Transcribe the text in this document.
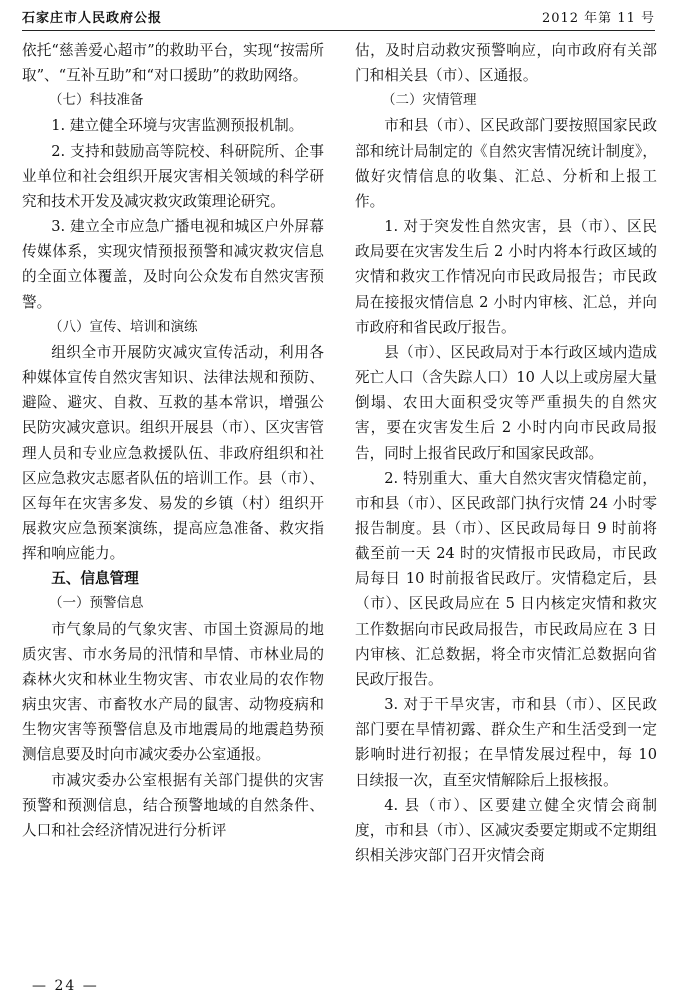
石家庄市人民政府公报	2012 年第 11 号

依托“慈善爱心超市”的救助平台，实现“按需所取”、“互补互助”和“对口援助”的救助网络。

（七）科技准备

1. 建立健全环境与灾害监测预报机制。

2. 支持和鼓励高等院校、科研院所、企事业单位和社会组织开展灾害相关领域的科学研究和技术开发及减灾救灾政策理论研究。

3. 建立全市应急广播电视和城区户外屏幕传媒体系，实现灾情预报预警和减灾救灾信息的全面立体覆盖，及时向公众发布自然灾害预警。

（八）宣传、培训和演练

组织全市开展防灾减灾宣传活动，利用各种媒体宣传自然灾害知识、法律法规和预防、避险、避灾、自救、互救的基本常识，增强公民防灾减灾意识。组织开展县（市）、区灾害管理人员和专业应急救援队伍、非政府组织和社区应急救灾志愿者队伍的培训工作。县（市）、区每年在灾害多发、易发的乡镇（村）组织开展救灾应急预案演练，提高应急准备、救灾指挥和响应能力。

五、信息管理

（一）预警信息

市气象局的气象灾害、市国土资源局的地质灾害、市水务局的汛情和旱情、市林业局的森林火灾和林业生物灾害、市农业局的农作物病虫灾害、市畜牧水产局的鼠害、动物疫病和生物灾害等预警信息及市地震局的地震趋势预测信息要及时向市减灾委办公室通报。

市减灾委办公室根据有关部门提供的灾害预警和预测信息，结合预警地域的自然条件、人口和社会经济情况进行分析评

估，及时启动救灾预警响应，向市政府有关部门和相关县（市）、区通报。

（二）灾情管理

市和县（市）、区民政部门要按照国家民政部和统计局制定的《自然灾害情况统计制度》，做好灾情信息的收集、汇总、分析和上报工作。

1. 对于突发性自然灾害，县（市）、区民政局要在灾害发生后 2 小时内将本行政区域的灾情和救灾工作情况向市民政局报告；市民政局在接报灾情信息 2 小时内审核、汇总，并向市政府和省民政厅报告。

县（市）、区民政局对于本行政区域内造成死亡人口（含失踪人口）10 人以上或房屋大量倒塌、农田大面积受灾等严重损失的自然灾害，要在灾害发生后 2 小时内向市民政局报告，同时上报省民政厅和国家民政部。

2. 特别重大、重大自然灾害灾情稳定前，市和县（市）、区民政部门执行灾情 24 小时零报告制度。县（市）、区民政局每日 9 时前将截至前一天 24 时的灾情报市民政局，市民政局每日 10 时前报省民政厅。灾情稳定后，县（市）、区民政局应在 5 日内核定灾情和救灾工作数据向市民政局报告，市民政局应在 3 日内审核、汇总数据，将全市灾情汇总数据向省民政厅报告。

3. 对于干旱灾害，市和县（市）、区民政部门要在旱情初露、群众生产和生活受到一定影响时进行初报；在旱情发展过程中，每 10 日续报一次，直至灾情解除后上报核报。

4. 县（市）、区要建立健全灾情会商制度，市和县（市）、区减灾委要定期或不定期组织相关涉灾部门召开灾情会商

— 24 —
